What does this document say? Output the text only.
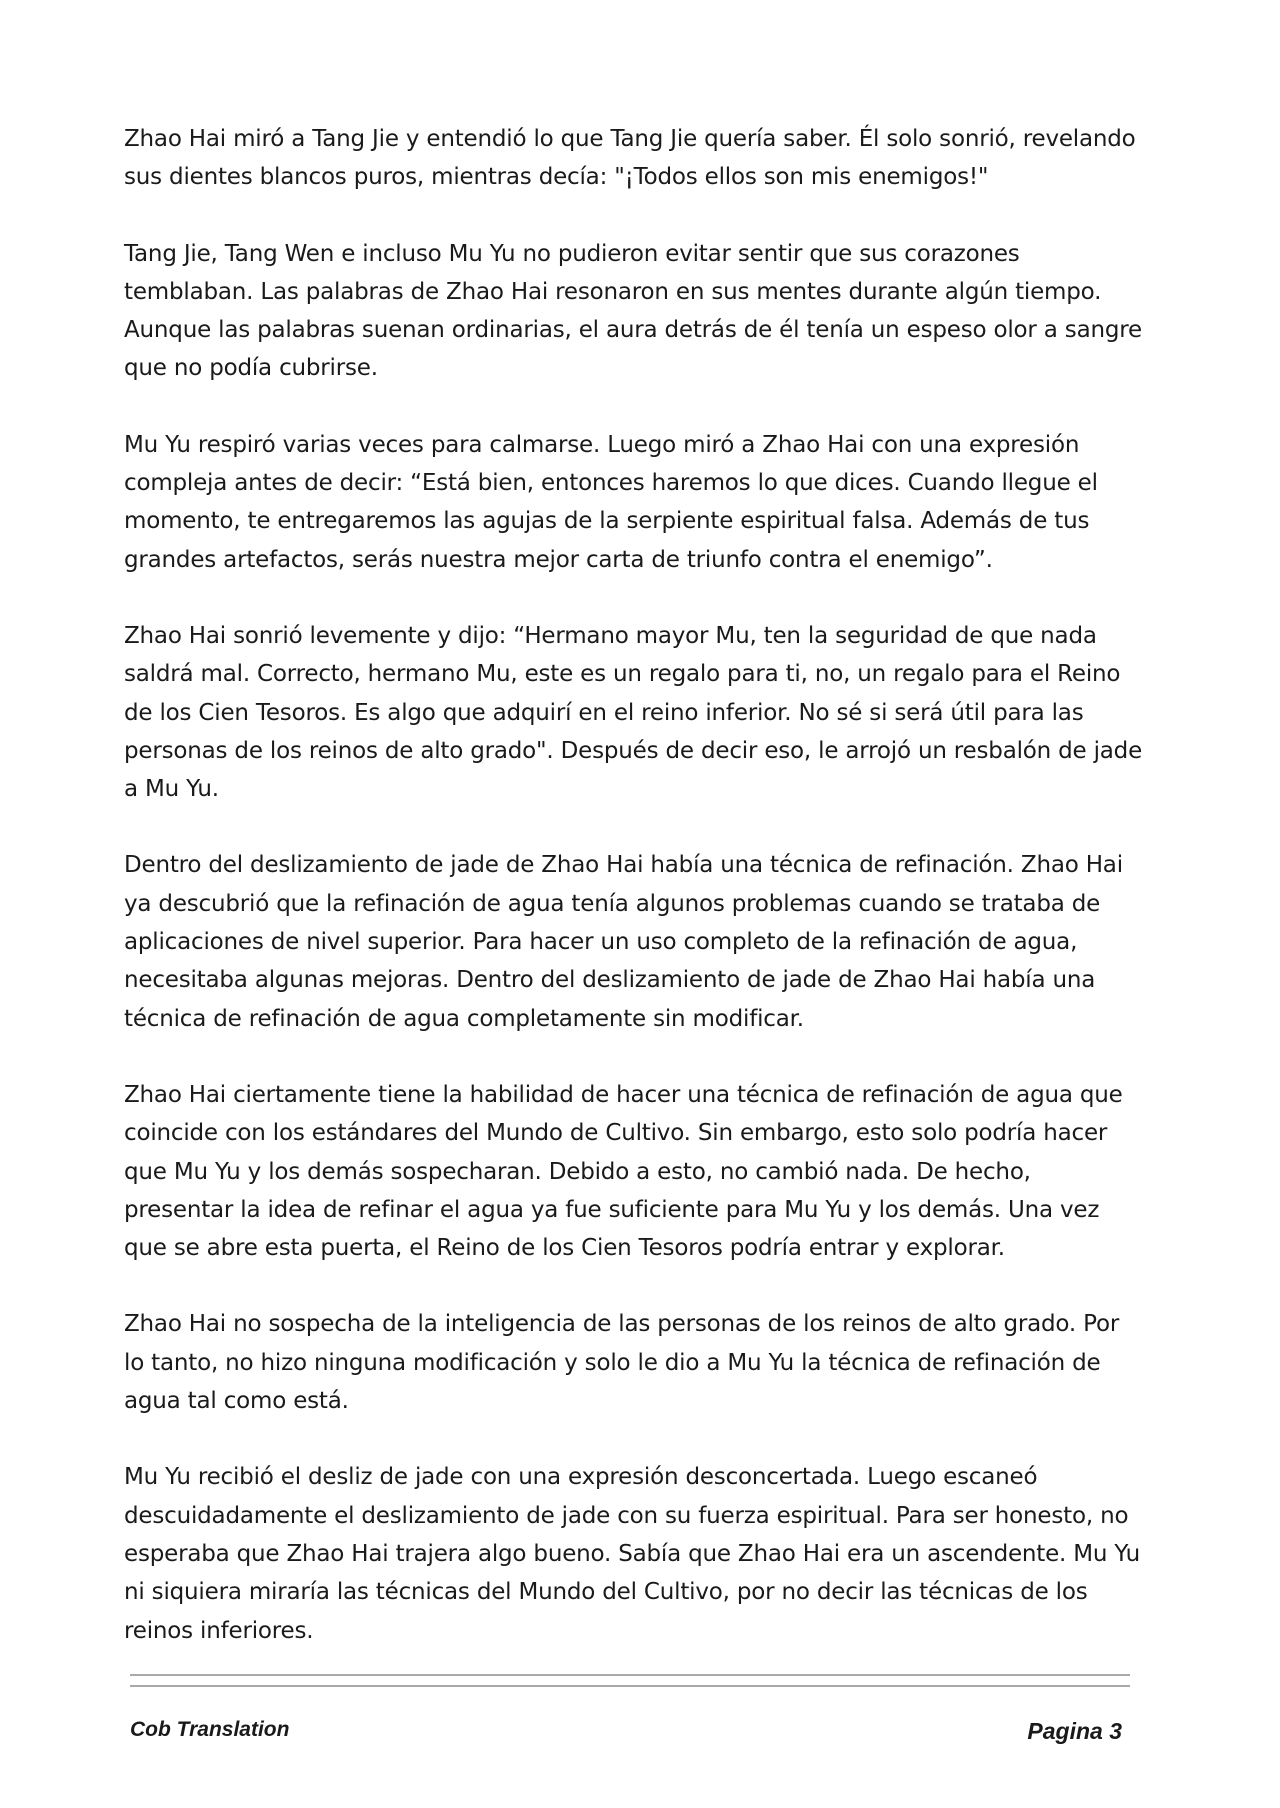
Zhao Hai miró a Tang Jie y entendió lo que Tang Jie quería saber. Él solo sonrió, revelando sus dientes blancos puros, mientras decía: "¡Todos ellos son mis enemigos!"

Tang Jie, Tang Wen e incluso Mu Yu no pudieron evitar sentir que sus corazones temblaban. Las palabras de Zhao Hai resonaron en sus mentes durante algún tiempo. Aunque las palabras suenan ordinarias, el aura detrás de él tenía un espeso olor a sangre que no podía cubrirse.

Mu Yu respiró varias veces para calmarse. Luego miró a Zhao Hai con una expresión compleja antes de decir: “Está bien, entonces haremos lo que dices. Cuando llegue el momento, te entregaremos las agujas de la serpiente espiritual falsa. Además de tus grandes artefactos, serás nuestra mejor carta de triunfo contra el enemigo”.

Zhao Hai sonrió levemente y dijo: “Hermano mayor Mu, ten la seguridad de que nada saldrá mal. Correcto, hermano Mu, este es un regalo para ti, no, un regalo para el Reino de los Cien Tesoros. Es algo que adquirí en el reino inferior. No sé si será útil para las personas de los reinos de alto grado". Después de decir eso, le arrojó un resbalón de jade a Mu Yu.

Dentro del deslizamiento de jade de Zhao Hai había una técnica de refinación. Zhao Hai ya descubrió que la refinación de agua tenía algunos problemas cuando se trataba de aplicaciones de nivel superior. Para hacer un uso completo de la refinación de agua, necesitaba algunas mejoras. Dentro del deslizamiento de jade de Zhao Hai había una técnica de refinación de agua completamente sin modificar.

Zhao Hai ciertamente tiene la habilidad de hacer una técnica de refinación de agua que coincide con los estándares del Mundo de Cultivo. Sin embargo, esto solo podría hacer que Mu Yu y los demás sospecharan. Debido a esto, no cambió nada. De hecho, presentar la idea de refinar el agua ya fue suficiente para Mu Yu y los demás. Una vez que se abre esta puerta, el Reino de los Cien Tesoros podría entrar y explorar.

Zhao Hai no sospecha de la inteligencia de las personas de los reinos de alto grado. Por lo tanto, no hizo ninguna modificación y solo le dio a Mu Yu la técnica de refinación de agua tal como está.

Mu Yu recibió el desliz de jade con una expresión desconcertada. Luego escaneó descuidadamente el deslizamiento de jade con su fuerza espiritual. Para ser honesto, no esperaba que Zhao Hai trajera algo bueno. Sabía que Zhao Hai era un ascendente. Mu Yu ni siquiera miraría las técnicas del Mundo del Cultivo, por no decir las técnicas de los reinos inferiores.

Cob Translation	Pagina 3
